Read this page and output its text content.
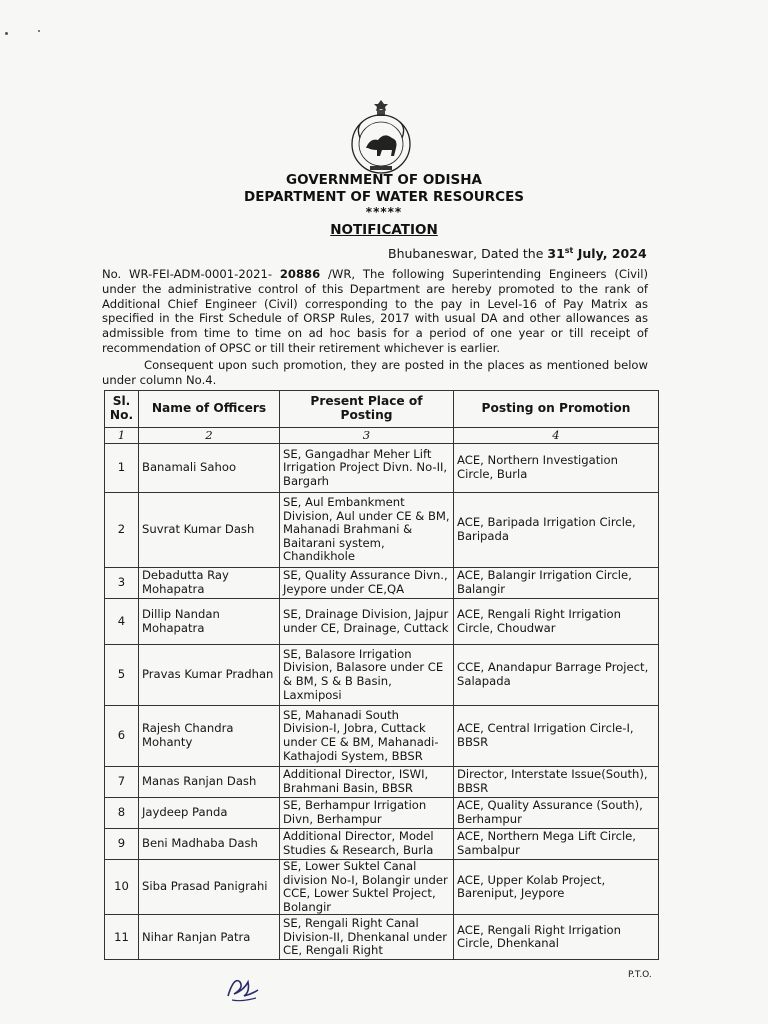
GOVERNMENT OF ODISHA
DEPARTMENT OF WATER RESOURCES
*****
NOTIFICATION
Bhubaneswar, Dated the 31st July, 2024
No. WR-FEI-ADM-0001-2021- 20886 /WR, The following Superintending Engineers (Civil) under the administrative control of this Department are hereby promoted to the rank of Additional Chief Engineer (Civil) corresponding to the pay in Level-16 of Pay Matrix as specified in the First Schedule of ORSP Rules, 2017 with usual DA and other allowances as admissible from time to time on ad hoc basis for a period of one year or till receipt of recommendation of OPSC or till their retirement whichever is earlier.
Consequent upon such promotion, they are posted in the places as mentioned below under column No.4.
Sl. No.	Name of Officers	Present Place of Posting	Posting on Promotion
1	2	3	4
1	Banamali Sahoo	SE, Gangadhar Meher Lift Irrigation Project Divn. No-II, Bargarh	ACE, Northern Investigation Circle, Burla
2	Suvrat Kumar Dash	SE, Aul Embankment Division, Aul under CE & BM, Mahanadi Brahmani & Baitarani system, Chandikhole	ACE, Baripada Irrigation Circle, Baripada
3	Debadutta Ray Mohapatra	SE, Quality Assurance Divn., Jeypore under CE,QA	ACE, Balangir Irrigation Circle, Balangir
4	Dillip Nandan Mohapatra	SE, Drainage Division, Jajpur under CE, Drainage, Cuttack	ACE, Rengali Right Irrigation Circle, Choudwar
5	Pravas Kumar Pradhan	SE, Balasore Irrigation Division, Balasore under CE & BM, S & B Basin, Laxmiposi	CCE, Anandapur Barrage Project, Salapada
6	Rajesh Chandra Mohanty	SE, Mahanadi South Division-I, Jobra, Cuttack under CE & BM, Mahanadi-Kathajodi System, BBSR	ACE, Central Irrigation Circle-I, BBSR
7	Manas Ranjan Dash	Additional Director, ISWI, Brahmani Basin, BBSR	Director, Interstate Issue(South), BBSR
8	Jaydeep Panda	SE, Berhampur Irrigation Divn, Berhampur	ACE, Quality Assurance (South), Berhampur
9	Beni Madhaba Dash	Additional Director, Model Studies & Research, Burla	ACE, Northern Mega Lift Circle, Sambalpur
10	Siba Prasad Panigrahi	SE, Lower Suktel Canal division No-I, Bolangir under CCE, Lower Suktel Project, Bolangir	ACE, Upper Kolab Project, Bareniput, Jeypore
11	Nihar Ranjan Patra	SE, Rengali Right Canal Division-II, Dhenkanal under CE, Rengali Right	ACE, Rengali Right Irrigation Circle, Dhenkanal
P.T.O.
